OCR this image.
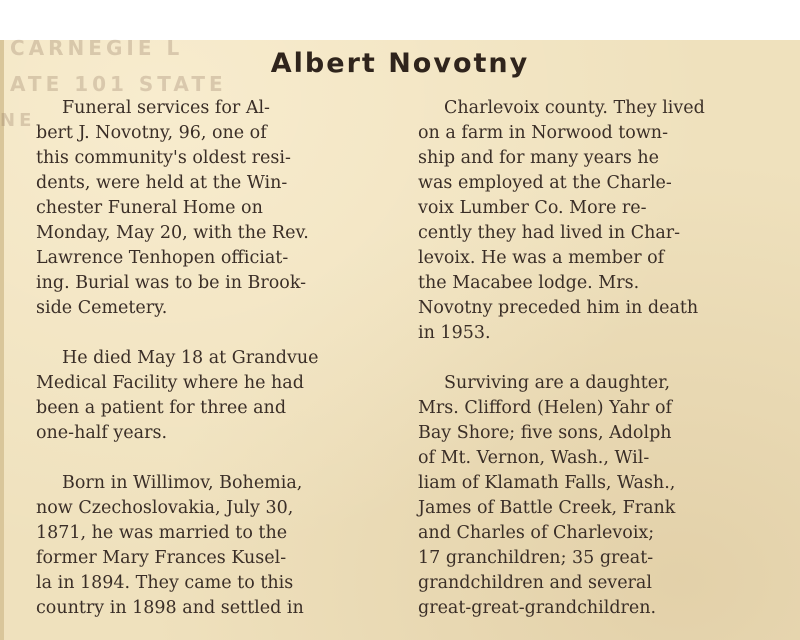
CARNEGIE L
ATE 101 STATE
NE
Albert Novotny
Funeral services for Al-
bert J. Novotny, 96, one of
this community's oldest resi-
dents, were held at the Win-
chester Funeral Home on
Monday, May 20, with the Rev.
Lawrence Tenhopen officiat-
ing. Burial was to be in Brook-
side Cemetery.
He died May 18 at Grandvue
Medical Facility where he had
been a patient for three and
one-half years.
Born in Willimov, Bohemia,
now Czechoslovakia, July 30,
1871, he was married to the
former Mary Frances Kusel-
la in 1894. They came to this
country in 1898 and settled in
Charlevoix county. They lived
on a farm in Norwood town-
ship and for many years he
was employed at the Charle-
voix Lumber Co. More re-
cently they had lived in Char-
levoix. He was a member of
the Macabee lodge. Mrs.
Novotny preceded him in death
in 1953.
Surviving are a daughter,
Mrs. Clifford (Helen) Yahr of
Bay Shore; five sons, Adolph
of Mt. Vernon, Wash., Wil-
liam of Klamath Falls, Wash.,
James of Battle Creek, Frank
and Charles of Charlevoix;
17 granchildren; 35 great-
grandchildren and several
great-great-grandchildren.
